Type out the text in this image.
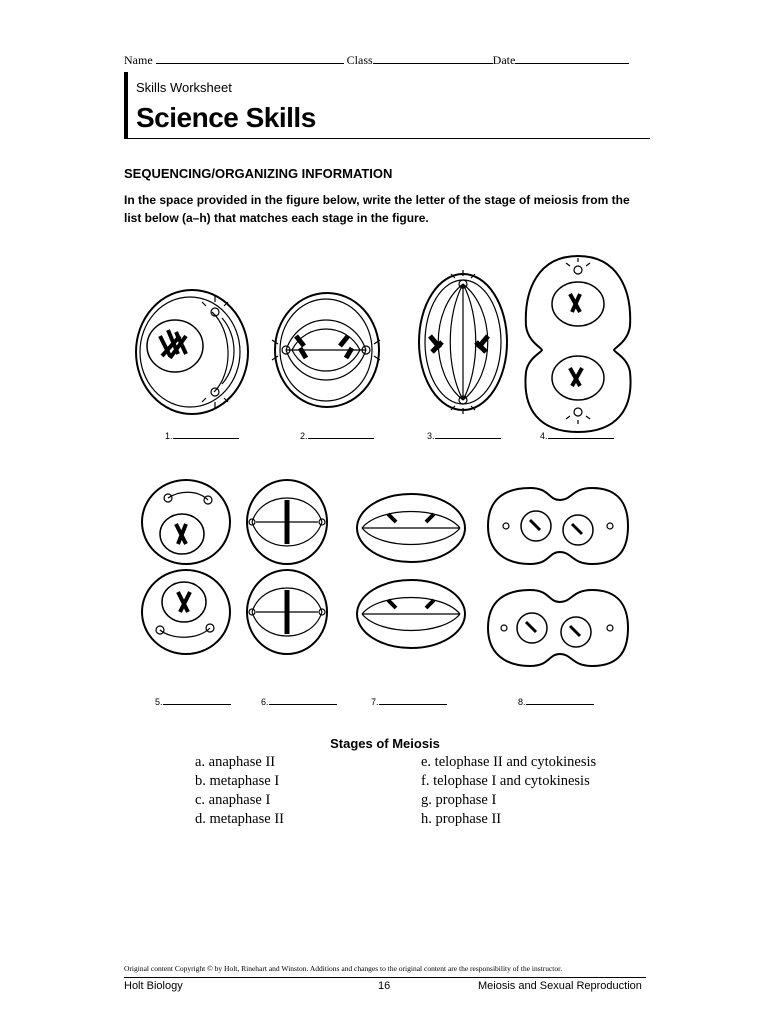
Name	Class	Date
Skills Worksheet
Science Skills
SEQUENCING/ORGANIZING INFORMATION
In the space provided in the figure below, write the letter of the stage of meiosis from the list below (a–h) that matches each stage in the figure.
1.	2.	3.	4.
5.	6.	7.	8.
Stages of Meiosis
a. anaphase II
b. metaphase I
c. anaphase I
d. metaphase II
e. telophase II and cytokinesis
f. telophase I and cytokinesis
g. prophase I
h. prophase II
Original content Copyright © by Holt, Rinehart and Winston. Additions and changes to the original content are the responsibility of the instructor.
Holt Biology	16	Meiosis and Sexual Reproduction
